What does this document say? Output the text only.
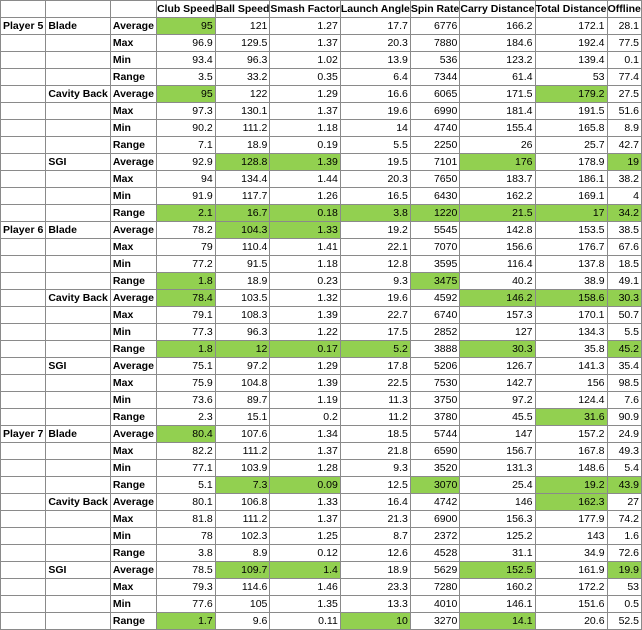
			Club Speed	Ball Speed	Smash Factor	Launch Angle	Spin Rate	Carry Distance	Total Distance	Offline
Player 5	Blade	Average	95	121	1.27	17.7	6776	166.2	172.1	28.1
		Max	96.9	129.5	1.37	20.3	7880	184.6	192.4	77.5
		Min	93.4	96.3	1.02	13.9	536	123.2	139.4	0.1
		Range	3.5	33.2	0.35	6.4	7344	61.4	53	77.4
	Cavity Back	Average	95	122	1.29	16.6	6065	171.5	179.2	27.5
		Max	97.3	130.1	1.37	19.6	6990	181.4	191.5	51.6
		Min	90.2	111.2	1.18	14	4740	155.4	165.8	8.9
		Range	7.1	18.9	0.19	5.5	2250	26	25.7	42.7
	SGI	Average	92.9	128.8	1.39	19.5	7101	176	178.9	19
		Max	94	134.4	1.44	20.3	7650	183.7	186.1	38.2
		Min	91.9	117.7	1.26	16.5	6430	162.2	169.1	4
		Range	2.1	16.7	0.18	3.8	1220	21.5	17	34.2
Player 6	Blade	Average	78.2	104.3	1.33	19.2	5545	142.8	153.5	38.5
		Max	79	110.4	1.41	22.1	7070	156.6	176.7	67.6
		Min	77.2	91.5	1.18	12.8	3595	116.4	137.8	18.5
		Range	1.8	18.9	0.23	9.3	3475	40.2	38.9	49.1
	Cavity Back	Average	78.4	103.5	1.32	19.6	4592	146.2	158.6	30.3
		Max	79.1	108.3	1.39	22.7	6740	157.3	170.1	50.7
		Min	77.3	96.3	1.22	17.5	2852	127	134.3	5.5
		Range	1.8	12	0.17	5.2	3888	30.3	35.8	45.2
	SGI	Average	75.1	97.2	1.29	17.8	5206	126.7	141.3	35.4
		Max	75.9	104.8	1.39	22.5	7530	142.7	156	98.5
		Min	73.6	89.7	1.19	11.3	3750	97.2	124.4	7.6
		Range	2.3	15.1	0.2	11.2	3780	45.5	31.6	90.9
Player 7	Blade	Average	80.4	107.6	1.34	18.5	5744	147	157.2	24.9
		Max	82.2	111.2	1.37	21.8	6590	156.7	167.8	49.3
		Min	77.1	103.9	1.28	9.3	3520	131.3	148.6	5.4
		Range	5.1	7.3	0.09	12.5	3070	25.4	19.2	43.9
	Cavity Back	Average	80.1	106.8	1.33	16.4	4742	146	162.3	27
		Max	81.8	111.2	1.37	21.3	6900	156.3	177.9	74.2
		Min	78	102.3	1.25	8.7	2372	125.2	143	1.6
		Range	3.8	8.9	0.12	12.6	4528	31.1	34.9	72.6
	SGI	Average	78.5	109.7	1.4	18.9	5629	152.5	161.9	19.9
		Max	79.3	114.6	1.46	23.3	7280	160.2	172.2	53
		Min	77.6	105	1.35	13.3	4010	146.1	151.6	0.5
		Range	1.7	9.6	0.11	10	3270	14.1	20.6	52.5
